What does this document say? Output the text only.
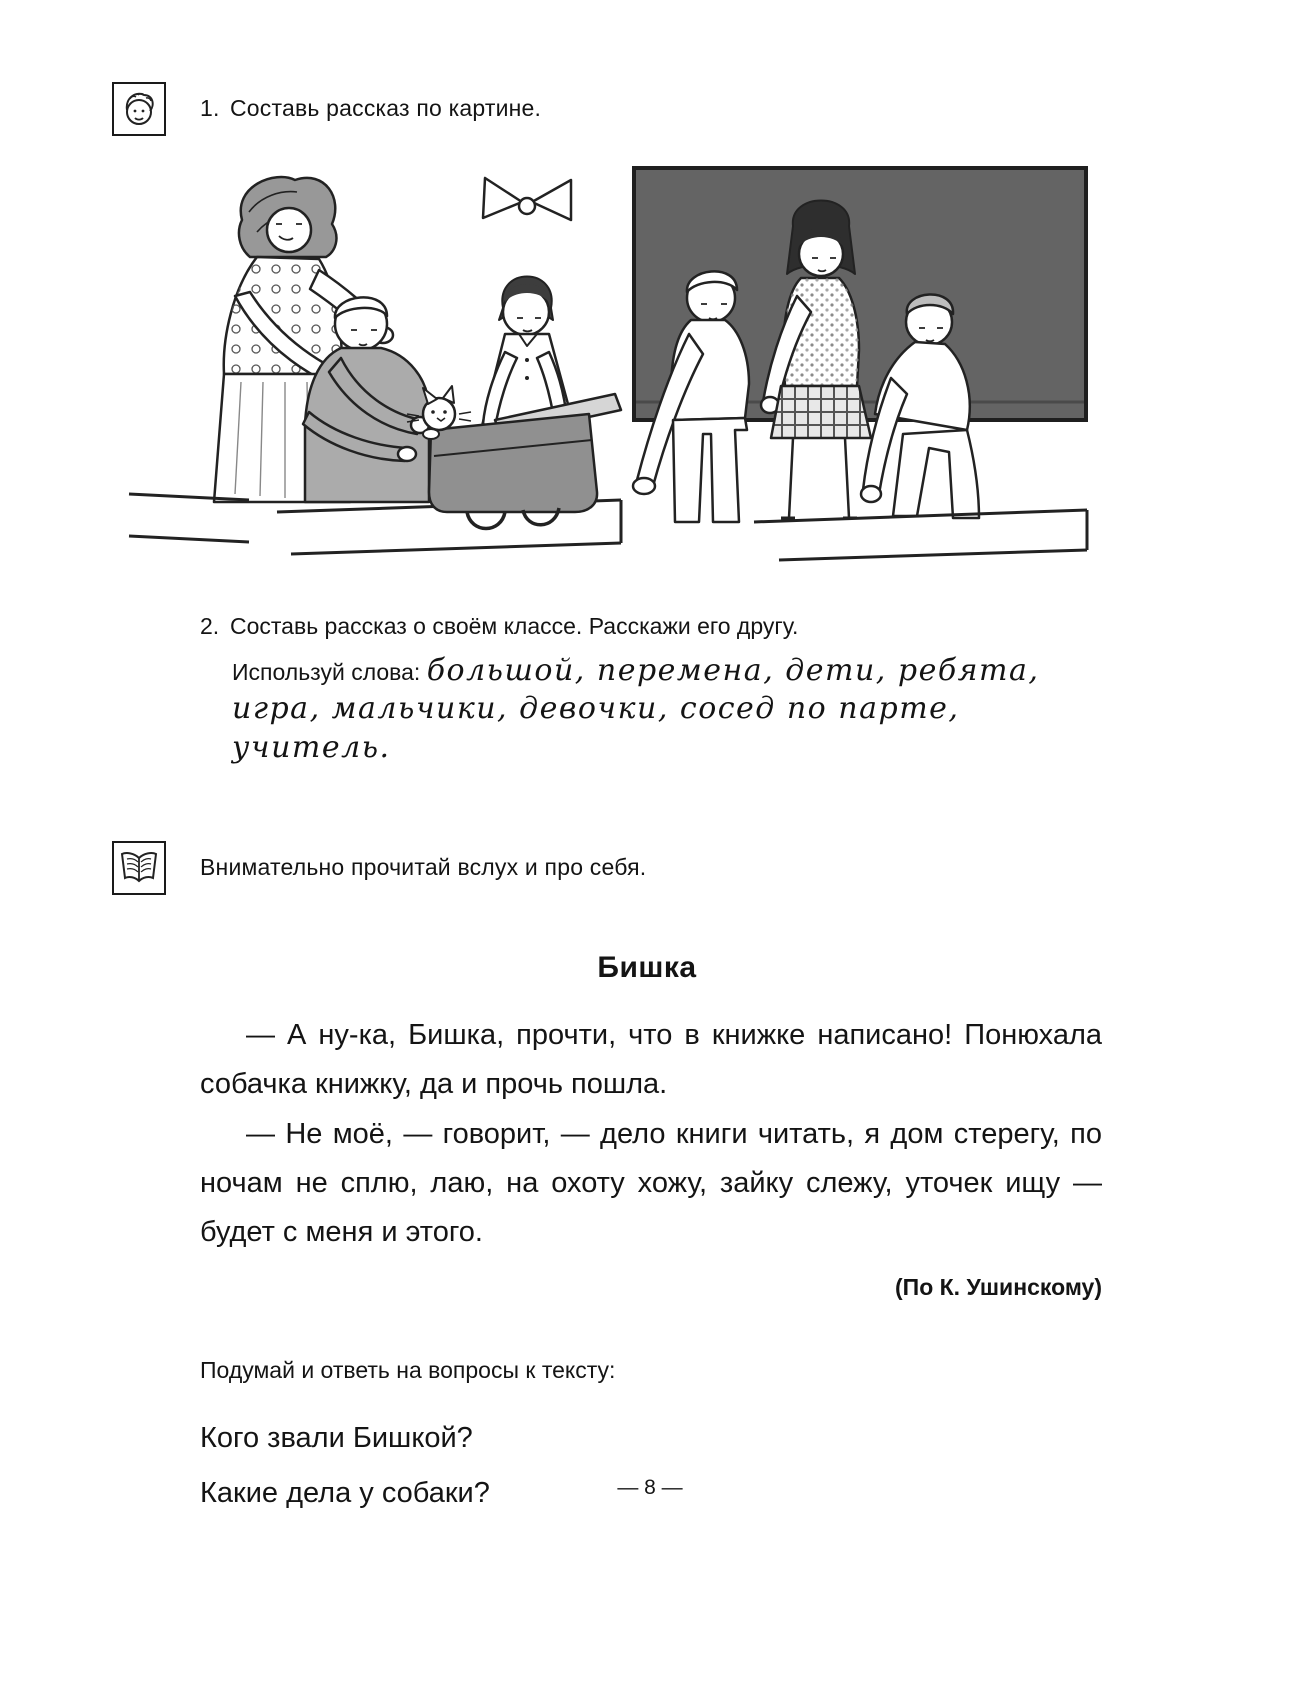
1. Составь рассказ по картине.

2. Составь рассказ о своём классе. Расскажи его другу.

Используй слова: большой, перемена, дети, ребята, игра, мальчики, девочки, сосед по парте, учитель.

Внимательно прочитай вслух и про себя.

Бишка

— А ну-ка, Бишка, прочти, что в книжке написано! Понюхала собачка книжку, да и прочь пошла.

— Не моё, — говорит, — дело книги читать, я дом стерегу, по ночам не сплю, лаю, на охоту хожу, зайку слежу, уточек ищу — будет с меня и этого.

(По К. Ушинскому)

Подумай и ответь на вопросы к тексту:

Кого звали Бишкой?

Какие дела у собаки?	— 8 —
